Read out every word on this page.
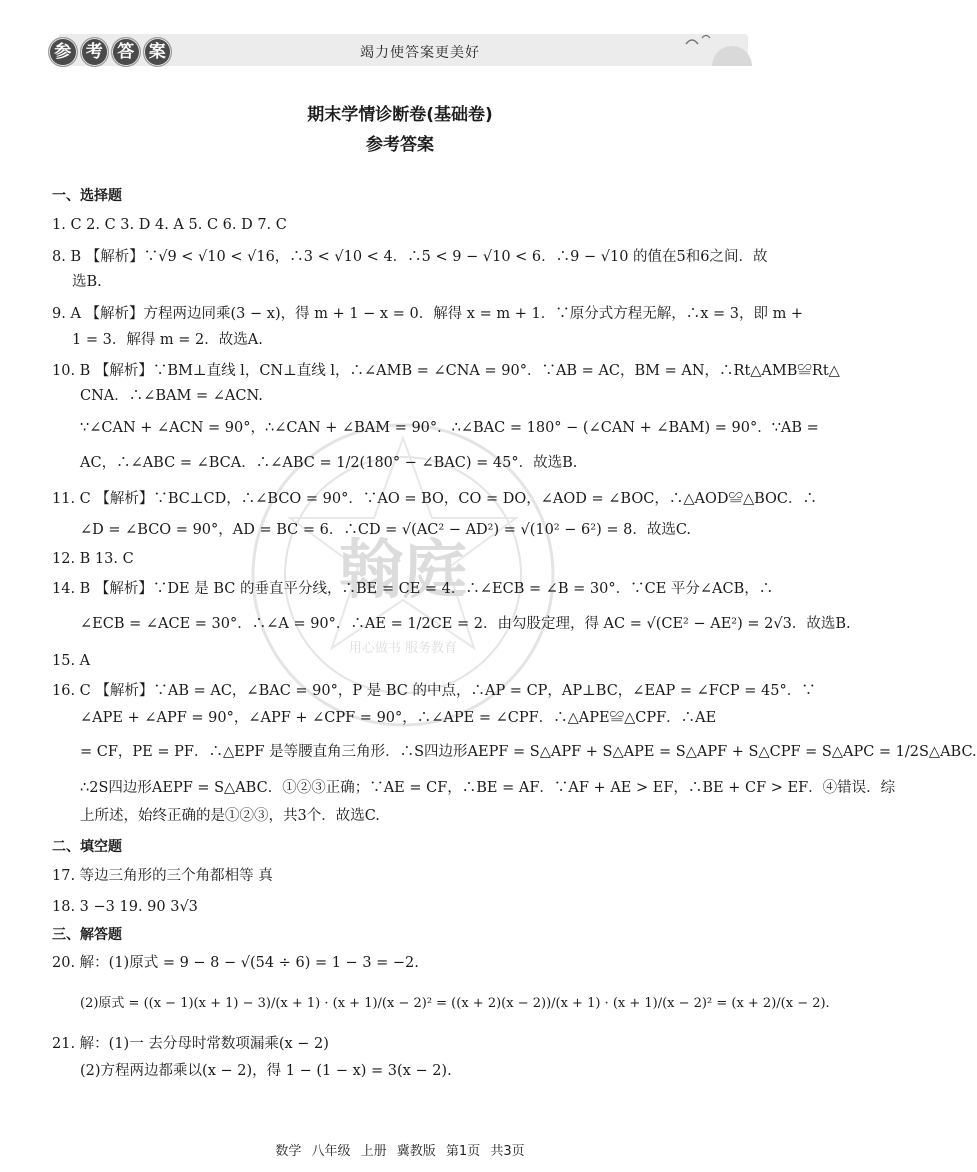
参 考 答 案	竭力使答案更美好
期末学情诊断卷(基础卷)
参考答案
翰庭
用心做书 服务教育
一、选择题
1. C 2. C 3. D 4. A 5. C 6. D 7. C
8. B 【解析】∵√9 < √10 < √16，∴3 < √10 < 4．∴5 < 9 − √10 < 6．∴9 − √10 的值在5和6之间．故
选B.
9. A 【解析】方程两边同乘(3 − x)，得 m + 1 − x = 0．解得 x = m + 1．∵原分式方程无解，∴x = 3，即 m +
1 = 3．解得 m = 2．故选A.
10. B 【解析】∵BM⊥直线 l，CN⊥直线 l，∴∠AMB = ∠CNA = 90°．∵AB = AC，BM = AN，∴Rt△AMB≌Rt△
CNA．∴∠BAM = ∠ACN.
∵∠CAN + ∠ACN = 90°，∴∠CAN + ∠BAM = 90°．∴∠BAC = 180° − (∠CAN + ∠BAM) = 90°．∵AB =
AC，∴∠ABC = ∠BCA．∴∠ABC = 1/2(180° − ∠BAC) = 45°．故选B.
11. C 【解析】∵BC⊥CD，∴∠BCO = 90°．∵AO = BO，CO = DO，∠AOD = ∠BOC，∴△AOD≌△BOC．∴
∠D = ∠BCO = 90°，AD = BC = 6．∴CD = √(AC² − AD²) = √(10² − 6²) = 8．故选C.
12. B 13. C
14. B 【解析】∵DE 是 BC 的垂直平分线，∴BE = CE = 4．∴∠ECB = ∠B = 30°．∵CE 平分∠ACB，∴
∠ECB = ∠ACE = 30°．∴∠A = 90°．∴AE = 1/2CE = 2．由勾股定理，得 AC = √(CE² − AE²) = 2√3．故选B.
15. A
16. C 【解析】∵AB = AC，∠BAC = 90°，P 是 BC 的中点，∴AP = CP，AP⊥BC，∠EAP = ∠FCP = 45°．∵
∠APE + ∠APF = 90°，∠APF + ∠CPF = 90°，∴∠APE = ∠CPF．∴△APE≌△CPF．∴AE
= CF，PE = PF．∴△EPF 是等腰直角三角形．∴S四边形AEPF = S△APF + S△APE = S△APF + S△CPF = S△APC = 1/2S△ABC.
∴2S四边形AEPF = S△ABC．①②③正确；∵AE = CF，∴BE = AF．∵AF + AE > EF，∴BE + CF > EF．④错误．综
上所述，始终正确的是①②③，共3个．故选C.
二、填空题
17. 等边三角形的三个角都相等 真
18. 3 −3 19. 90 3√3
三、解答题
20. 解：(1)原式 = 9 − 8 − √(54 ÷ 6) = 1 − 3 = −2.
(2)原式 = ((x − 1)(x + 1) − 3)/(x + 1) · (x + 1)/(x − 2)² = ((x + 2)(x − 2))/(x + 1) · (x + 1)/(x − 2)² = (x + 2)/(x − 2).
21. 解：(1)一 去分母时常数项漏乘(x − 2)
(2)方程两边都乘以(x − 2)，得 1 − (1 − x) = 3(x − 2).
数学 八年级 上册 冀教版 第1页 共3页
